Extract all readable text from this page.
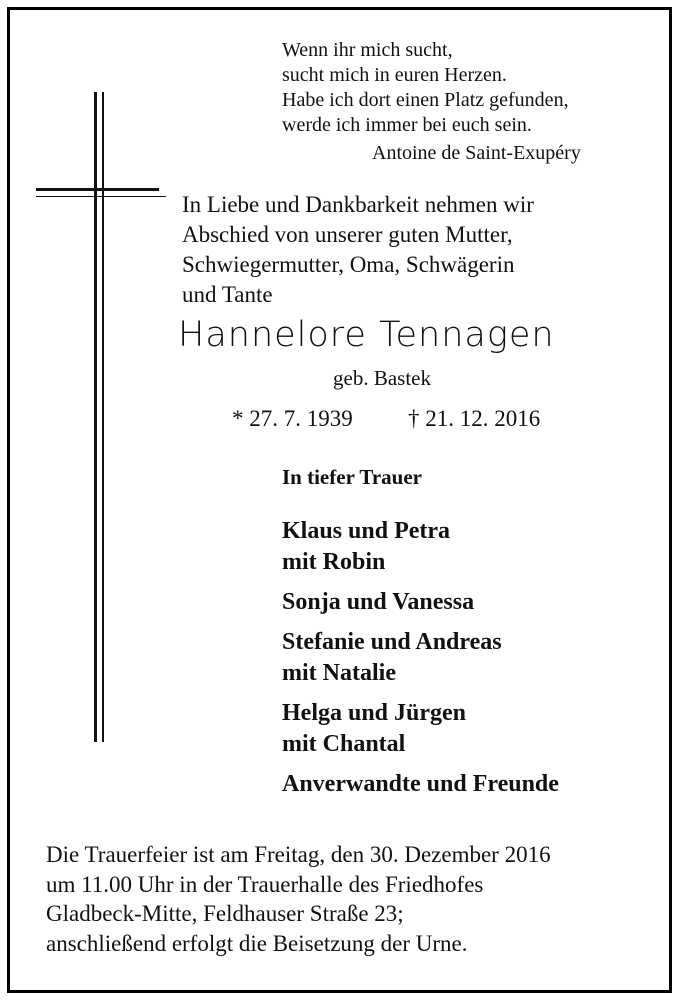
Wenn ihr mich sucht,
sucht mich in euren Herzen.
Habe ich dort einen Platz gefunden,
werde ich immer bei euch sein.
Antoine de Saint-Exupéry
In Liebe und Dankbarkeit nehmen wir
Abschied von unserer guten Mutter,
Schwiegermutter, Oma, Schwägerin
und Tante
Hannelore Tennagen
geb. Bastek
* 27. 7. 1939 † 21. 12. 2016
In tiefer Trauer
Klaus und Petra
mit Robin
Sonja und Vanessa
Stefanie und Andreas
mit Natalie
Helga und Jürgen
mit Chantal
Anverwandte und Freunde
Die Trauerfeier ist am Freitag, den 30. Dezember 2016
um 11.00 Uhr in der Trauerhalle des Friedhofes
Gladbeck-Mitte, Feldhauser Straße 23;
anschließend erfolgt die Beisetzung der Urne.
